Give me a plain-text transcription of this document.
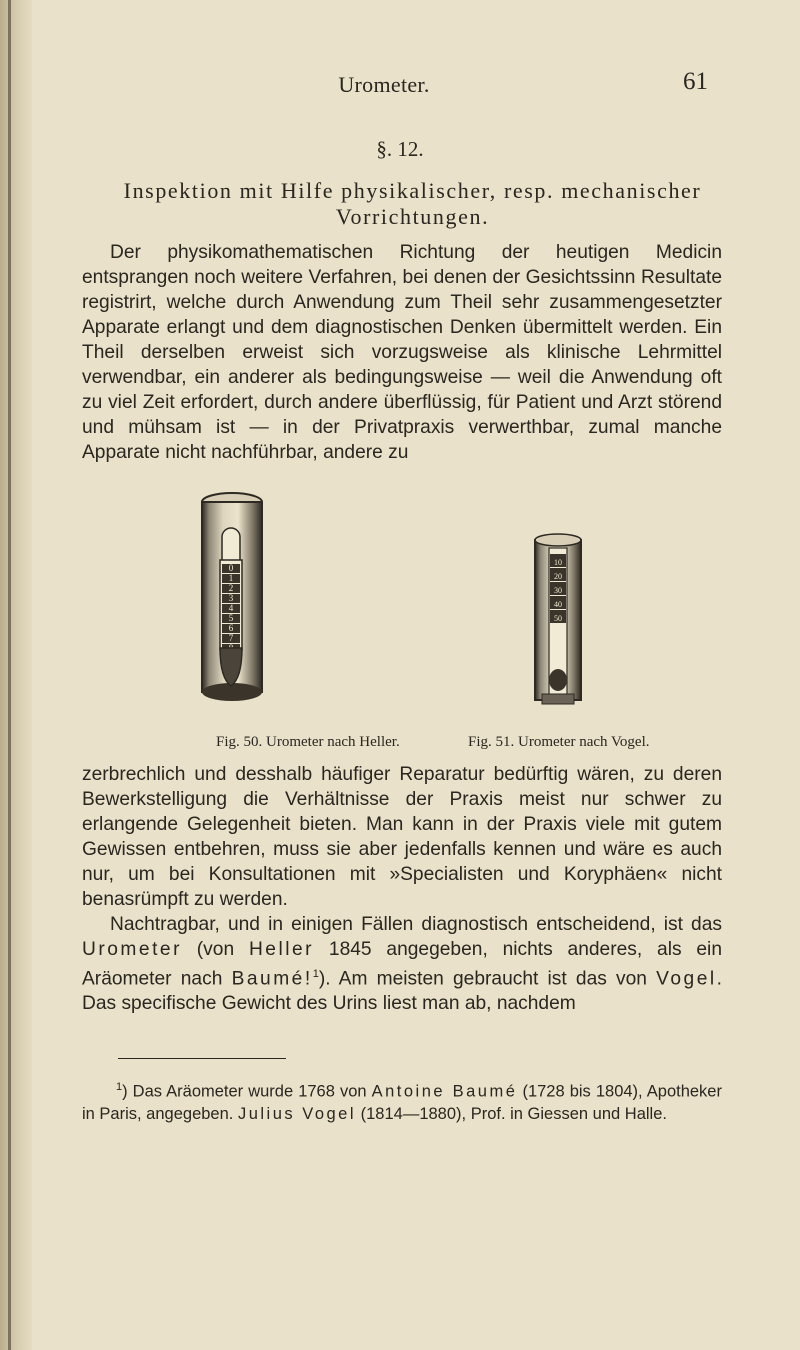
Urometer.	61
§. 12.
Inspektion mit Hilfe physikalischer, resp. mechanischer Vorrichtungen.

Der physikomathematischen Richtung der heutigen Medicin entsprangen noch weitere Verfahren, bei denen der Gesichtssinn Resultate registrirt, welche durch Anwendung zum Theil sehr zusammengesetzter Apparate erlangt und dem diagnostischen Denken übermittelt werden. Ein Theil derselben erweist sich vorzugsweise als klinische Lehrmittel verwendbar, ein anderer als bedingungsweise — weil die Anwendung oft zu viel Zeit erfordert, durch andere überflüssig, für Patient und Arzt störend und mühsam ist — in der Privatpraxis verwerthbar, zumal manche Apparate nicht nachführbar, andere zu

0
1
2
3
4
5
6
7
10
20
30
40
50
Fig. 50. Urometer nach Heller.	Fig. 51. Urometer nach Vogel.
zerbrechlich und desshalb häufiger Reparatur bedürftig wären, zu deren Bewerkstelligung die Verhältnisse der Praxis meist nur schwer zu erlangende Gelegenheit bieten. Man kann in der Praxis viele mit gutem Gewissen entbehren, muss sie aber jedenfalls kennen und wäre es auch nur, um bei Konsultationen mit »Specialisten und Koryphäen« nicht benasrümpft zu werden.
Nachtragbar, und in einigen Fällen diagnostisch entscheidend, ist das Urometer (von Heller 1845 angegeben, nichts anderes, als ein Aräometer nach Baumé!$^1$). Am meisten gebraucht ist das von Vogel. Das specifische Gewicht des Urins liest man ab, nachdem

$^1$) Das Aräometer wurde 1768 von Antoine Baumé (1728 bis 1804), Apotheker in Paris, angegeben. Julius Vogel (1814—1880), Prof. in Giessen und Halle.
